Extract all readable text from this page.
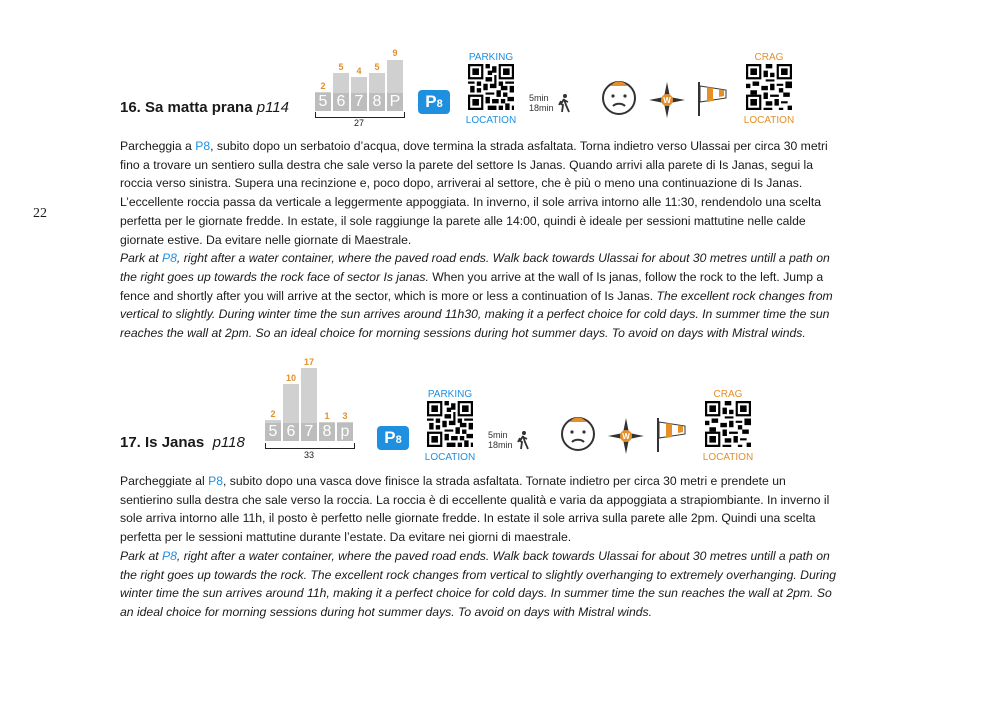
22
16. Sa matta prana p114
2
5	4	5
9
5 6 7 8 P
27
P8
PARKING
LOCATION
5min
18min
W
CRAG
LOCATION

Parcheggia a P8, subito dopo un serbatoio d’acqua, dove termina la strada asfaltata. Torna indietro verso Ulassai per circa 30 metri fino a trovare un sentiero sulla destra che sale verso la parete del settore Is Janas. Quando arrivi alla parete di Is Janas, segui la roccia verso sinistra. Supera una recinzione e, poco dopo, arriverai al settore, che è più o meno una continuazione di Is Janas. L’eccellente roccia passa da verticale a leggermente appoggiata. In inverno, il sole arriva intorno alle 11:30, rendendolo una scelta perfetta per le giornate fredde. In estate, il sole raggiunge la parete alle 14:00, quindi è ideale per sessioni mattutine nelle calde giornate estive. Da evitare nelle giornate di Maestrale.

Park at P8, right after a water container, where the paved road ends. Walk back towards Ulassai for about 30 metres untill a path on the right goes up towards the rock face of sector Is janas. When you arrive at the wall of Is janas, follow the rock to the left. Jump a fence and shortly after you will arrive at the sector, which is more or less a continuation of Is Janas. The excellent rock changes from vertical to slightly. During winter time the sun arrives around 11h30, making it a perfect choice for cold days. In summer time the sun reaches the wall at 2pm. So an ideal choice for morning sessions during hot summer days. To avoid on days with Mistral winds.

17. Is Janas p118
2
10
17
1	3
5 6 7 8 p
33
P8
PARKING
LOCATION
5min
18min
W
CRAG
LOCATION

Parcheggiate al P8, subito dopo una vasca dove finisce la strada asfaltata. Tornate indietro per circa 30 metri e prendete un sentierino sulla destra che sale verso la roccia. La roccia è di eccellente qualità e varia da appoggiata a strapiombiante. In inverno il sole arriva intorno alle 11h, il posto è perfetto nelle giornate fredde. In estate il sole arriva sulla parete alle 2pm. Quindi una scelta perfetta per le sessioni mattutine durante l’estate. Da evitare nei giorni di maestrale.

Park at P8, right after a water container, where the paved road ends. Walk back towards Ulassai for about 30 metres untill a path on the right goes up towards the rock. The excellent rock changes from vertical to slightly overhanging to extremely overhanging. During winter time the sun arrives around 11h, making it a perfect choice for cold days. In summer time the sun reaches the wall at 2pm. So an ideal choice for morning sessions during hot summer days. To avoid on days with Mistral winds.
